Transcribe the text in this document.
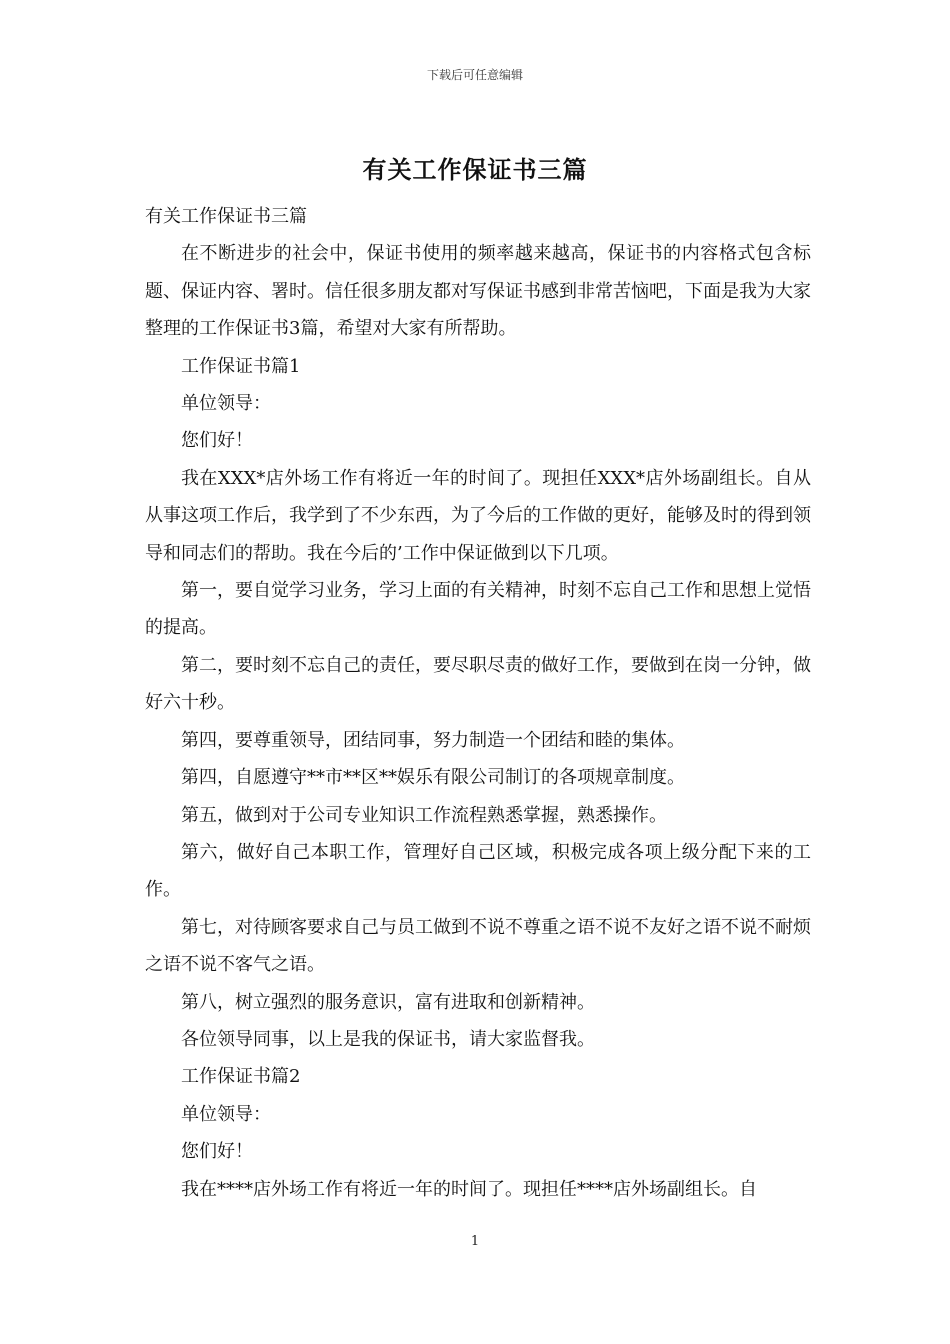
下载后可任意编辑
有关工作保证书三篇

有关工作保证书三篇

在不断进步的社会中，保证书使用的频率越来越高，保证书的内容格式包含标题、保证内容、署时。信任很多朋友都对写保证书感到非常苦恼吧，下面是我为大家整理的工作保证书3篇，希望对大家有所帮助。

工作保证书篇1

单位领导：

您们好！

我在XXX*店外场工作有将近一年的时间了。现担任XXX*店外场副组长。自从从事这项工作后，我学到了不少东西，为了今后的工作做的更好，能够及时的得到领导和同志们的帮助。我在今后的’工作中保证做到以下几项。

第一，要自觉学习业务，学习上面的有关精神，时刻不忘自己工作和思想上觉悟的提高。

第二，要时刻不忘自己的责任，要尽职尽责的做好工作，要做到在岗一分钟，做好六十秒。

第四，要尊重领导，团结同事，努力制造一个团结和睦的集体。

第四，自愿遵守**市**区**娱乐有限公司制订的各项规章制度。

第五，做到对于公司专业知识工作流程熟悉掌握，熟悉操作。

第六，做好自己本职工作，管理好自己区域，积极完成各项上级分配下来的工作。

第七，对待顾客要求自己与员工做到不说不尊重之语不说不友好之语不说不耐烦之语不说不客气之语。

第八，树立强烈的服务意识，富有进取和创新精神。

各位领导同事，以上是我的保证书，请大家监督我。

工作保证书篇2

单位领导：

您们好！

我在****店外场工作有将近一年的时间了。现担任****店外场副组长。自

1
